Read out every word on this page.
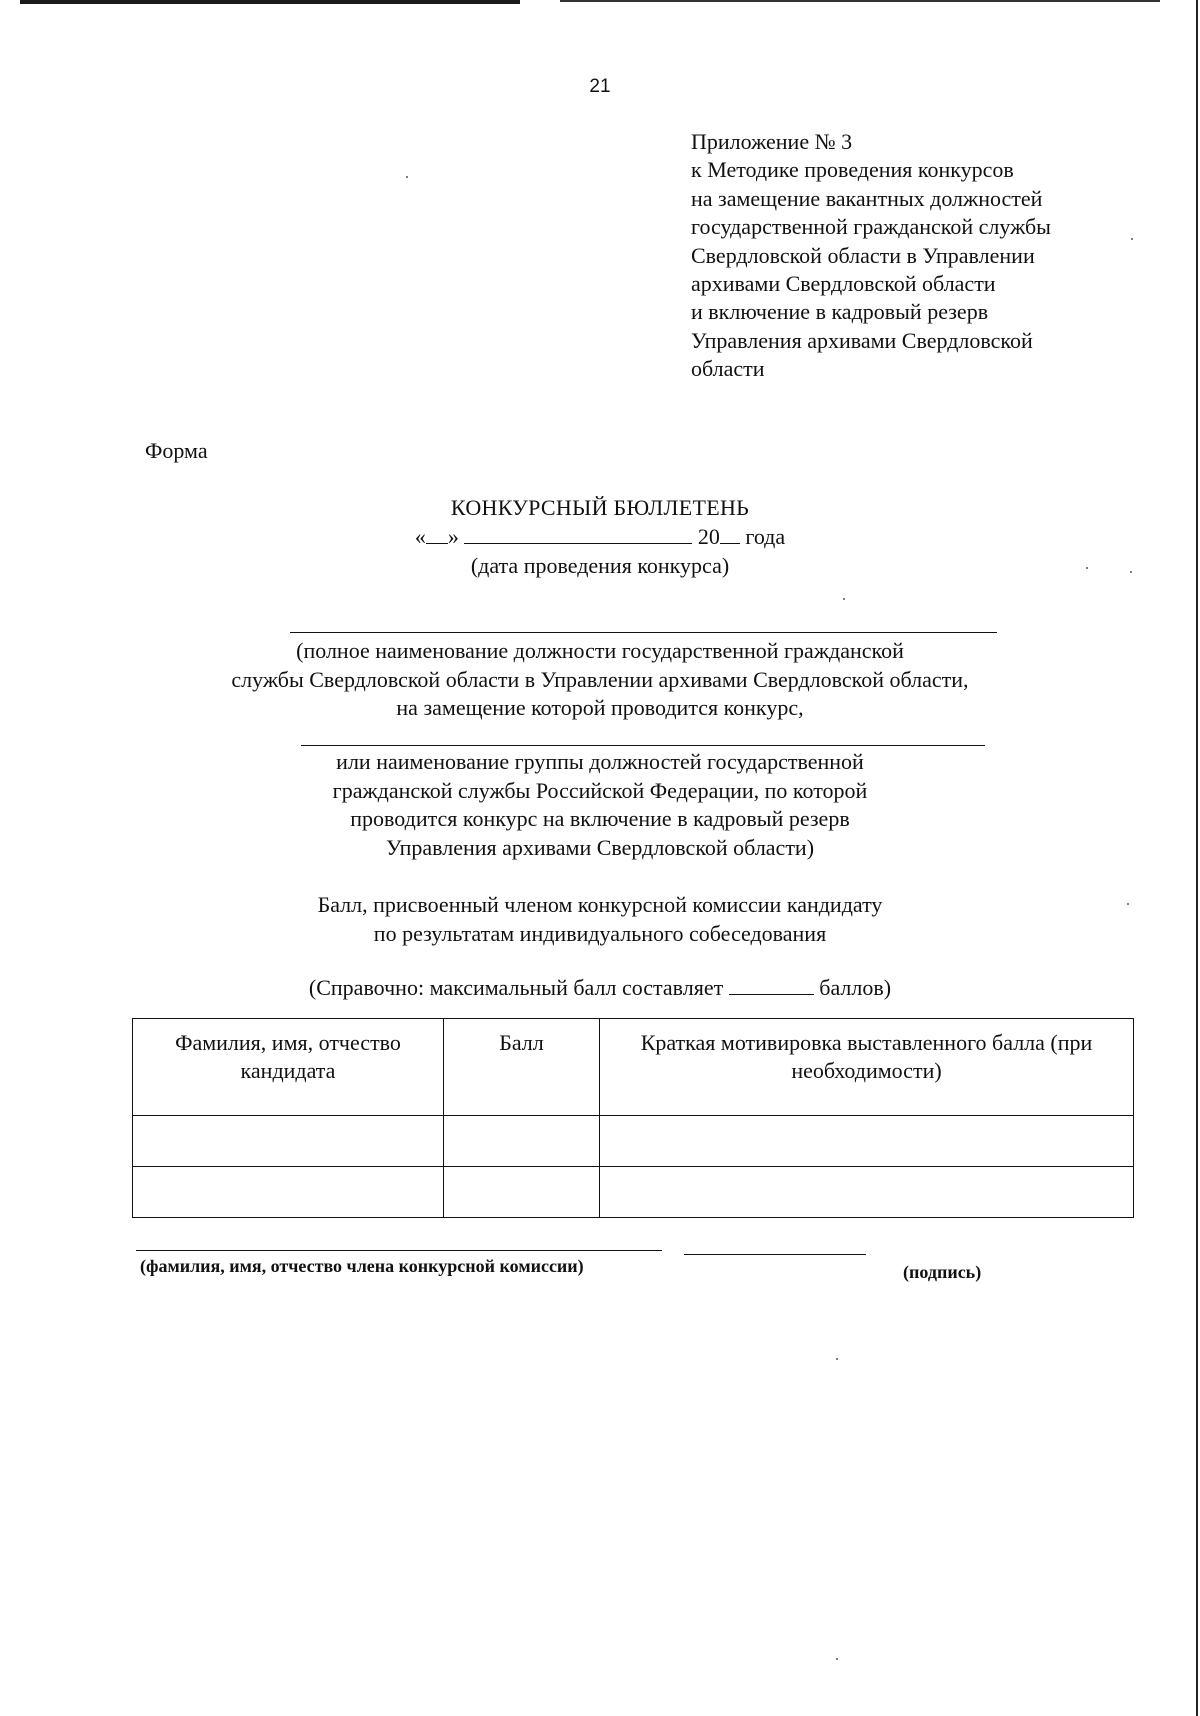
21
Приложение № 3
к Методике проведения конкурсов
на замещение вакантных должностей
государственной гражданской службы
Свердловской области в Управлении
архивами Свердловской области
и включение в кадровый резерв
Управления архивами Свердловской
области
Форма
КОНКУРСНЫЙ БЮЛЛЕТЕНЬ
« »	20 года
(дата проведения конкурса)
(полное наименование должности государственной гражданской
службы Свердловской области в Управлении архивами Свердловской области,
на замещение которой проводится конкурс,
или наименование группы должностей государственной
гражданской службы Российской Федерации, по которой
проводится конкурс на включение в кадровый резерв
Управления архивами Свердловской области)
Балл, присвоенный членом конкурсной комиссии кандидату
по результатам индивидуального собеседования
(Справочно: максимальный балл составляет	баллов)
Фамилия, имя, отчество кандидата	Балл	Краткая мотивировка выставленного балла (при необходимости)

(фамилия, имя, отчество члена конкурсной комиссии)	(подпись)
